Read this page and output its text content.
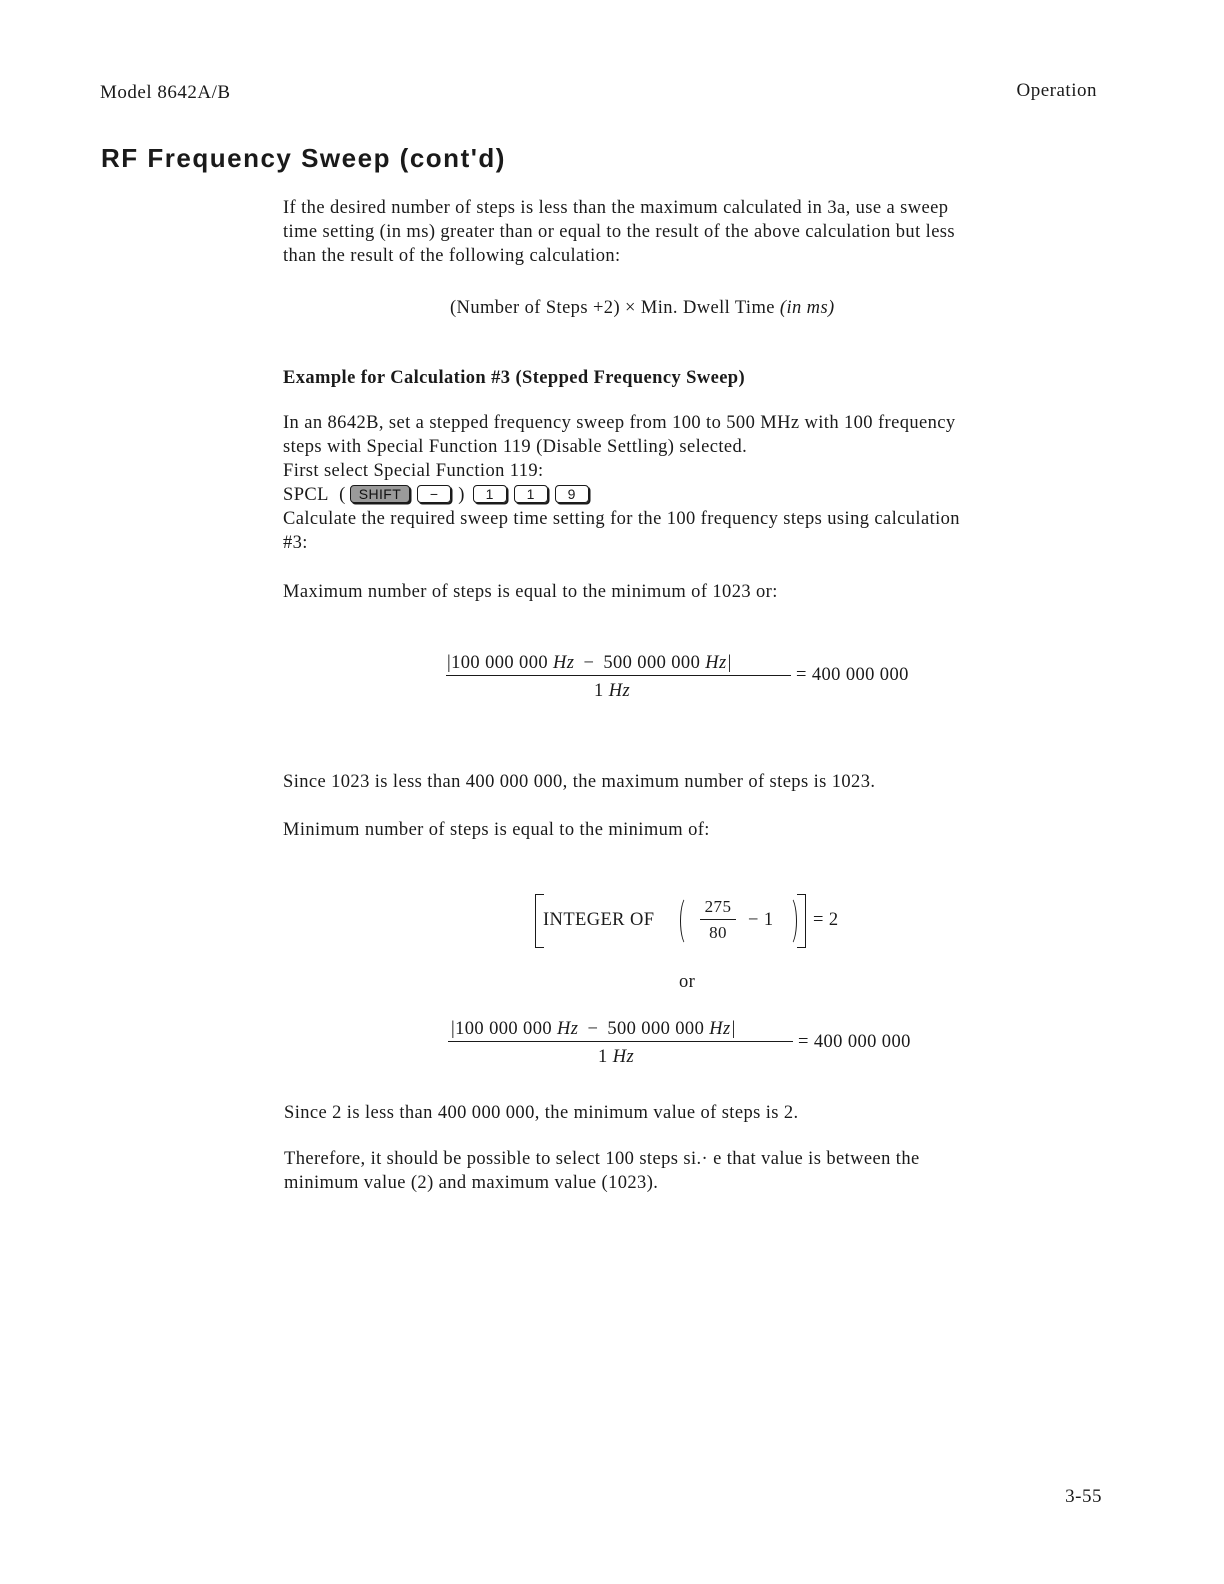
Model 8642A/B	Operation
RF Frequency Sweep (cont'd)
If the desired number of steps is less than the maximum calculated in 3a, use a sweep
time setting (in ms) greater than or equal to the result of the above calculation but less
than the result of the following calculation:
(Number of Steps +2) × Min. Dwell Time (in ms)
Example for Calculation #3 (Stepped Frequency Sweep)
In an 8642B, set a stepped frequency sweep from 100 to 500 MHz with 100 frequency
steps with Special Function 119 (Disable Settling) selected.
First select Special Function 119:
SPCL ( SHIFT − ) 1 1 9
Calculate the required sweep time setting for the 100 frequency steps using calculation
#3:
Maximum number of steps is equal to the minimum of 1023 or:
|100 000 000 Hz − 500 000 000 Hz|
1 Hz
= 400 000 000
Since 1023 is less than 400 000 000, the maximum number of steps is 1023.
Minimum number of steps is equal to the minimum of:
INTEGER OF
275
80
− 1 = 2
or
|100 000 000 Hz − 500 000 000 Hz|
1 Hz
= 400 000 000
Since 2 is less than 400 000 000, the minimum value of steps is 2.
Therefore, it should be possible to select 100 steps si.· e that value is between the
minimum value (2) and maximum value (1023).
3-55
